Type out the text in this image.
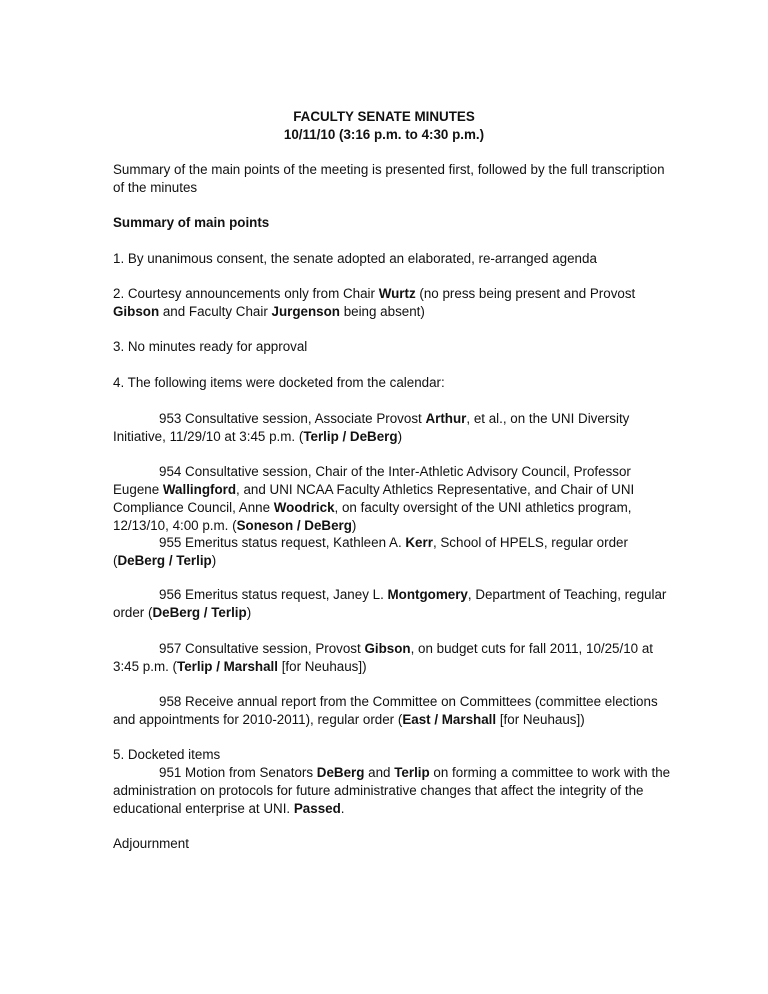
FACULTY SENATE MINUTES
10/11/10 (3:16 p.m. to 4:30 p.m.)
Summary of the main points of the meeting is presented first, followed by the full transcription of the minutes
Summary of main points
1. By unanimous consent, the senate adopted an elaborated, re-arranged agenda
2. Courtesy announcements only from Chair Wurtz (no press being present and Provost Gibson and Faculty Chair Jurgenson being absent)
3. No minutes ready for approval
4. The following items were docketed from the calendar:
953 Consultative session, Associate Provost Arthur, et al., on the UNI Diversity Initiative, 11/29/10 at 3:45 p.m. (Terlip / DeBerg)
954 Consultative session, Chair of the Inter-Athletic Advisory Council, Professor Eugene Wallingford, and UNI NCAA Faculty Athletics Representative, and Chair of UNI Compliance Council, Anne Woodrick, on faculty oversight of the UNI athletics program, 12/13/10, 4:00 p.m. (Soneson / DeBerg)
955 Emeritus status request, Kathleen A. Kerr, School of HPELS, regular order (DeBerg / Terlip)
956 Emeritus status request, Janey L. Montgomery, Department of Teaching, regular order (DeBerg / Terlip)
957 Consultative session, Provost Gibson, on budget cuts for fall 2011, 10/25/10 at 3:45 p.m. (Terlip / Marshall [for Neuhaus])
958 Receive annual report from the Committee on Committees (committee elections and appointments for 2010-2011), regular order (East / Marshall [for Neuhaus])
5. Docketed items
951 Motion from Senators DeBerg and Terlip on forming a committee to work with the administration on protocols for future administrative changes that affect the integrity of the educational enterprise at UNI. Passed.
Adjournment
